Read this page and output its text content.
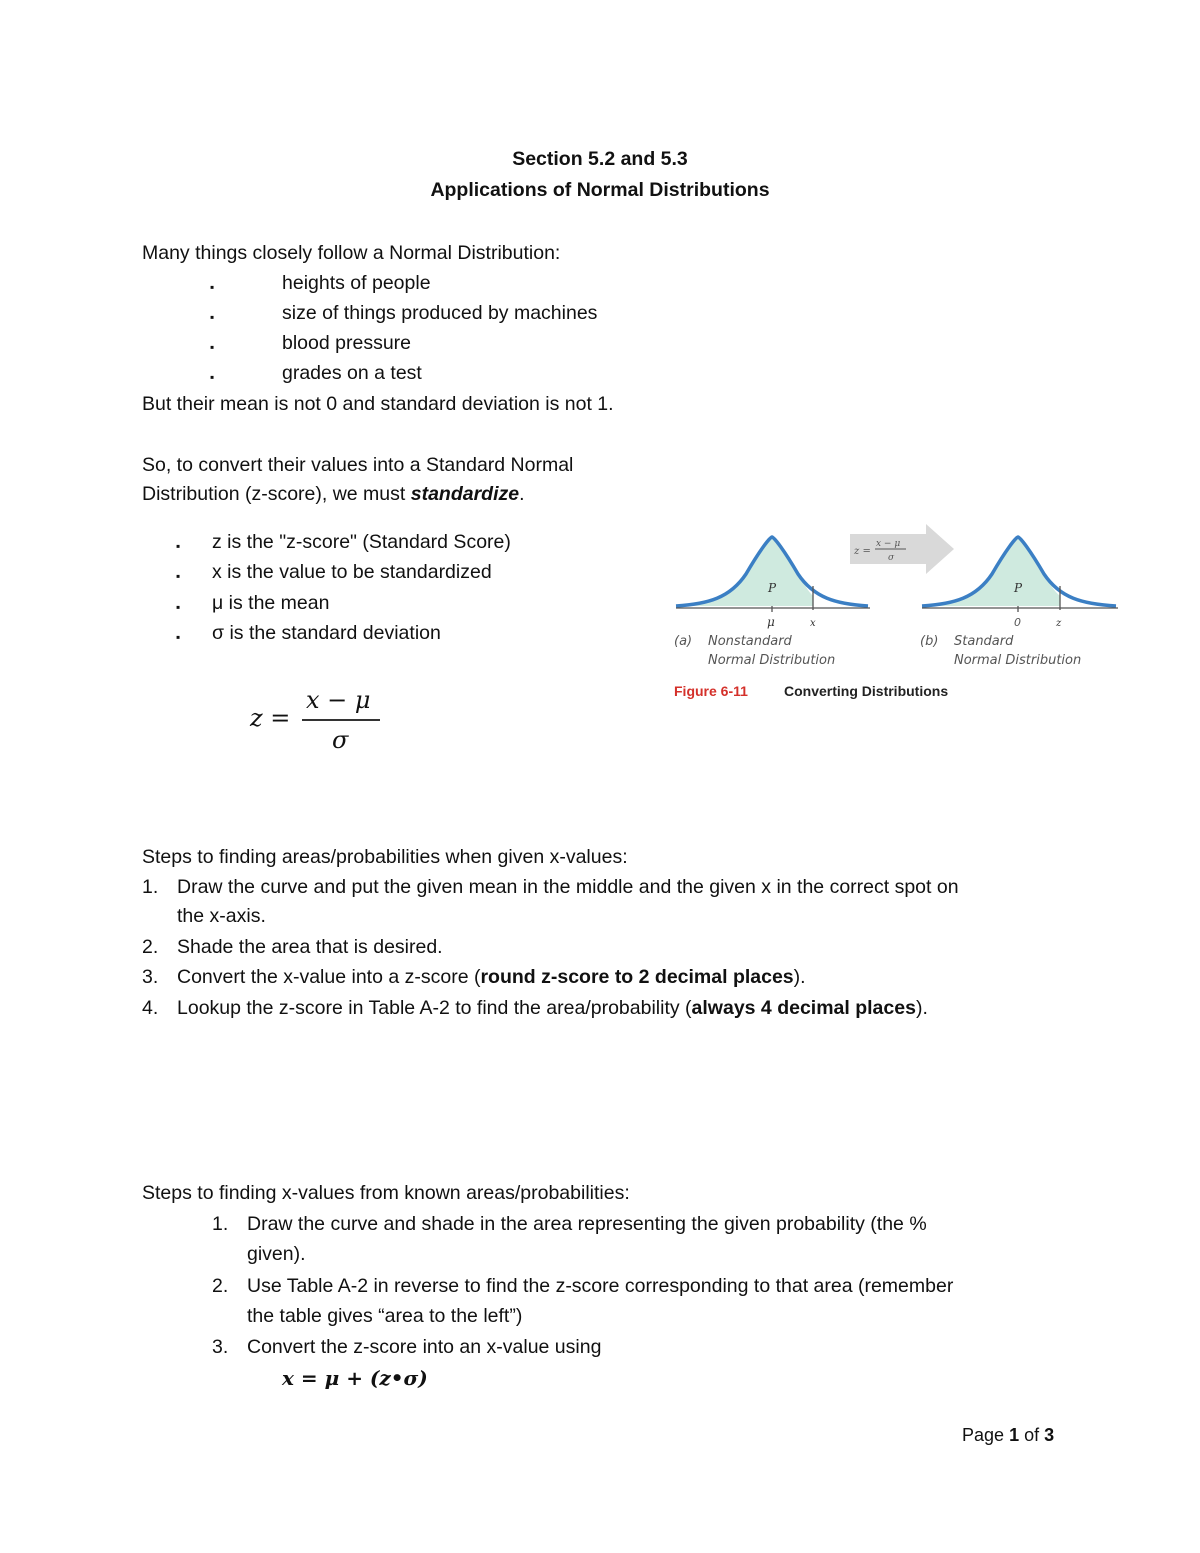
Section 5.2 and 5.3
Applications of Normal Distributions
Many things closely follow a Normal Distribution:
▪	heights of people
▪	size of things produced by machines
▪	blood pressure
▪	grades on a test
But their mean is not 0 and standard deviation is not 1.
So, to convert their values into a Standard Normal
Distribution (z-score), we must standardize.
▪ z is the "z-score" (Standard Score)
▪ x is the value to be standardized
▪ μ is the mean
▪ σ is the standard deviation
z =
x − μ
σ
P
μ	x
(a) Nonstandard
Normal Distribution
z =
x − μ
σ
P
0	z
(b) Standard
Normal Distribution
Figure 6-11	Converting Distributions
Steps to finding areas/probabilities when given x-values:
1. Draw the curve and put the given mean in the middle and the given x in the correct spot on
the x-axis.
2. Shade the area that is desired.
3. Convert the x-value into a z-score (round z-score to 2 decimal places).
4. Lookup the z-score in Table A-2 to find the area/probability (always 4 decimal places).
Steps to finding x-values from known areas/probabilities:
1. Draw the curve and shade in the area representing the given probability (the %
given).
2. Use Table A-2 in reverse to find the z-score corresponding to that area (remember
the table gives “area to the left”)
3. Convert the z-score into an x-value using
x = μ + (z•σ)
Page 1 of 3
